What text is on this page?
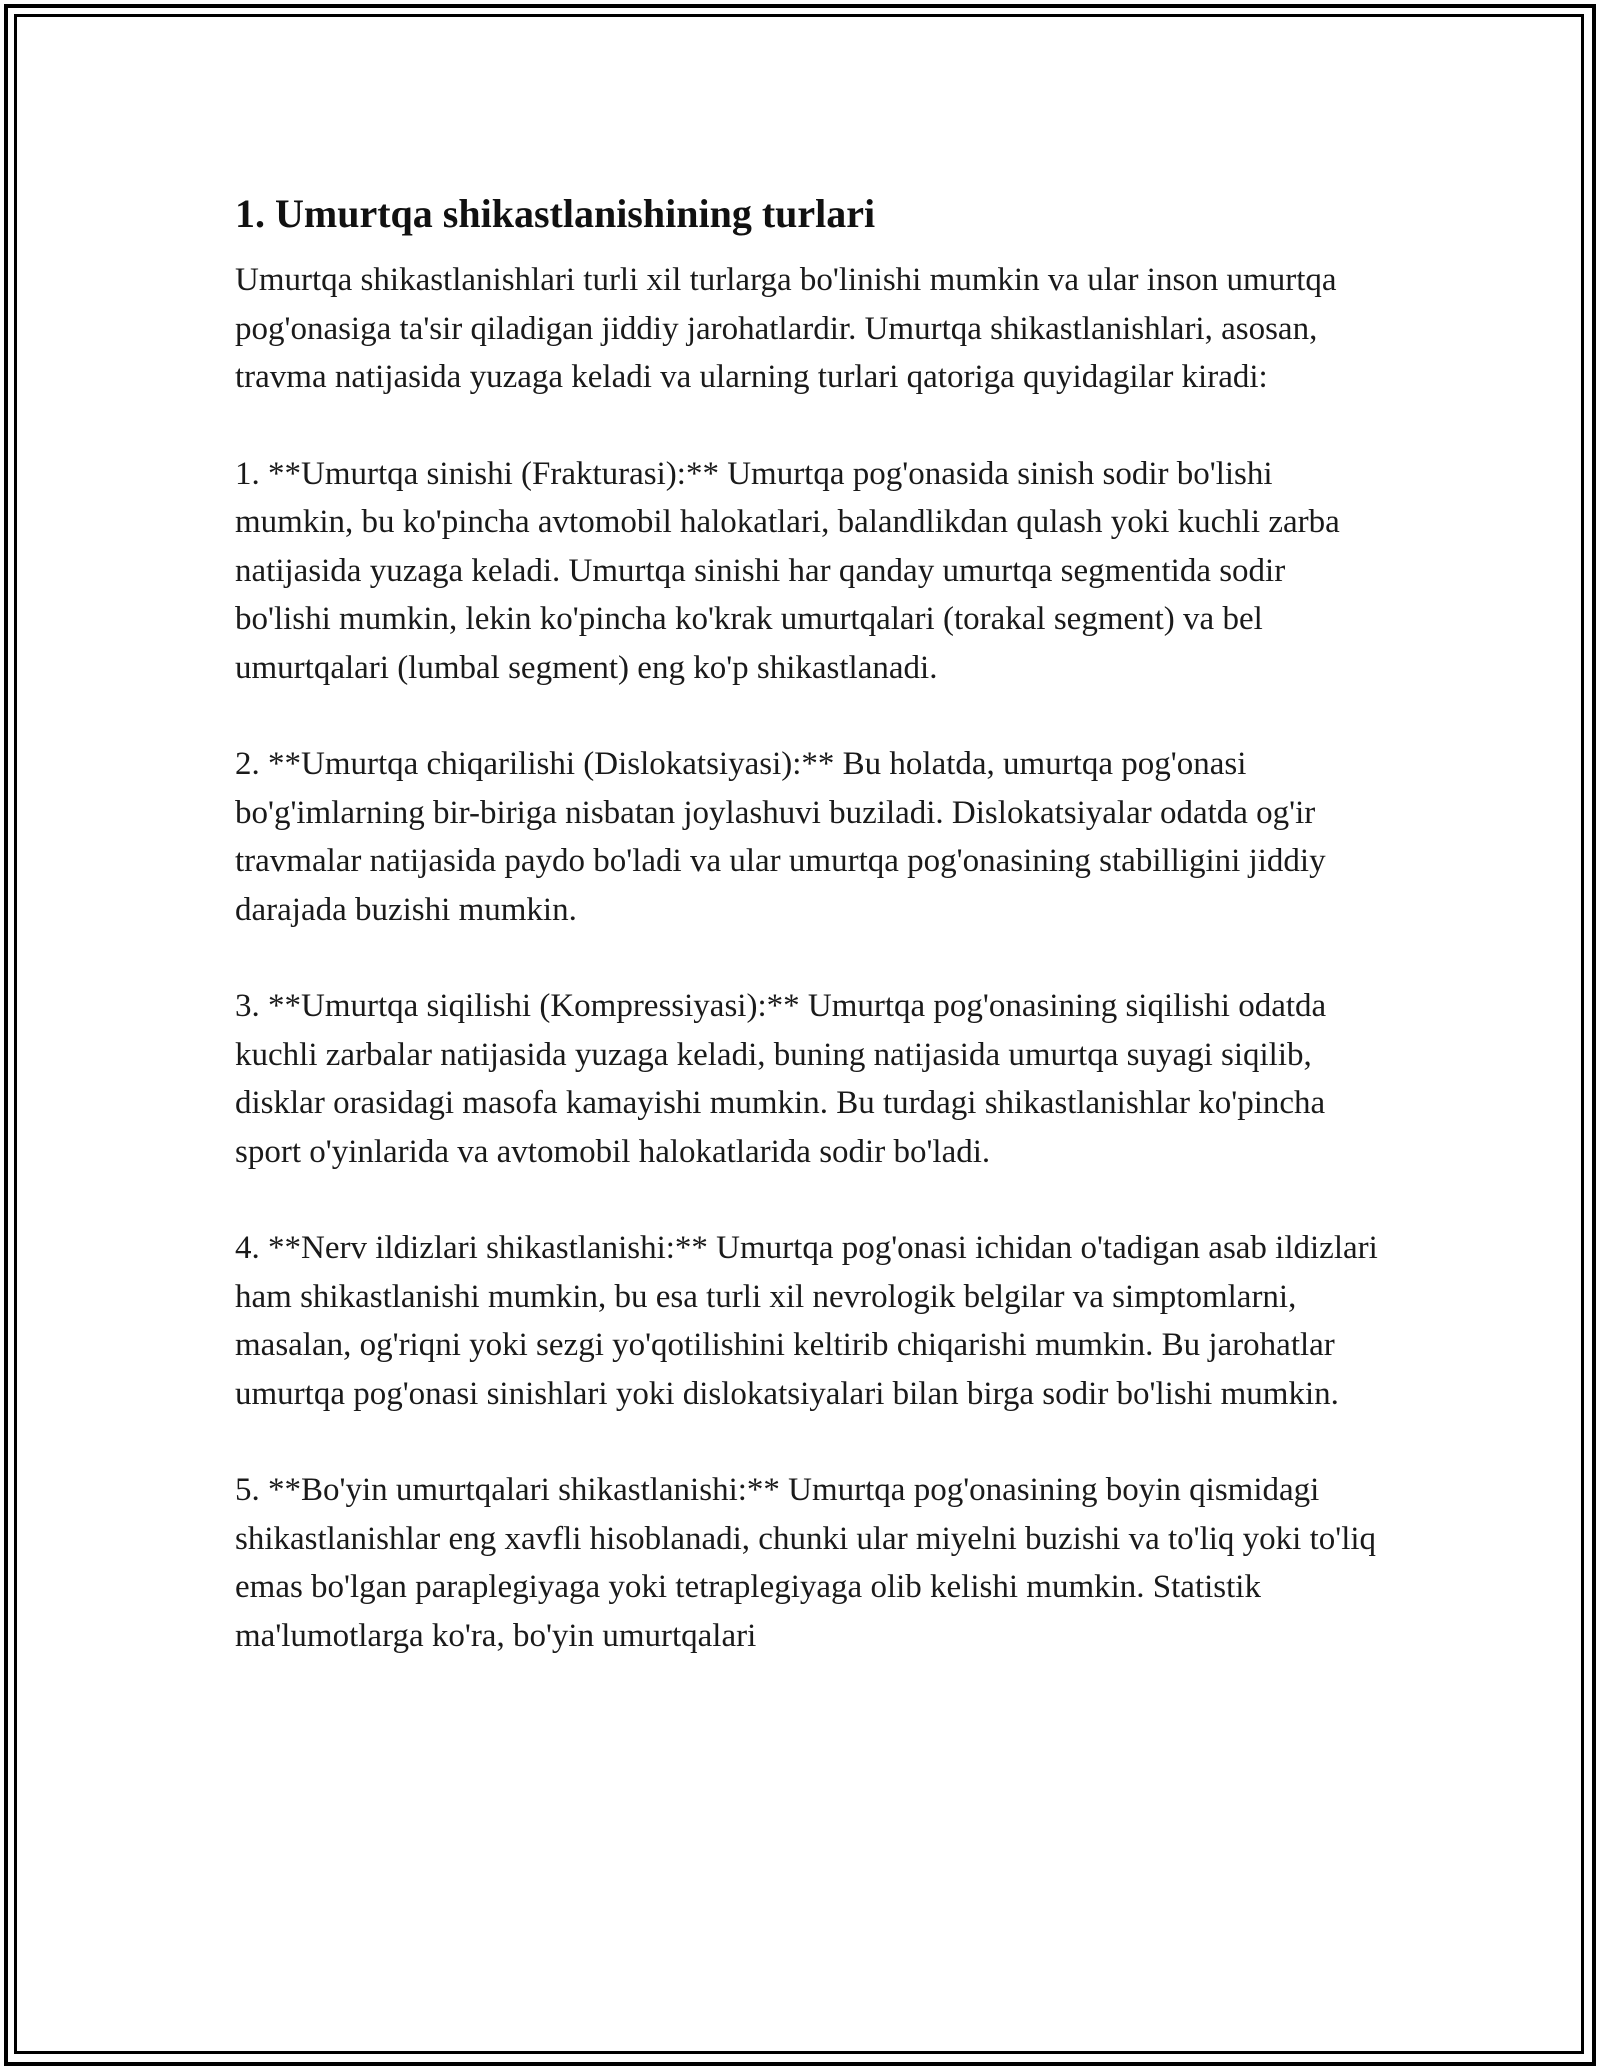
1. Umurtqa shikastlanishining turlari

Umurtqa shikastlanishlari turli xil turlarga bo'linishi mumkin va ular inson umurtqa pog'onasiga ta'sir qiladigan jiddiy jarohatlardir. Umurtqa shikastlanishlari, asosan, travma natijasida yuzaga keladi va ularning turlari qatoriga quyidagilar kiradi:

1. **Umurtqa sinishi (Frakturasi):** Umurtqa pog'onasida sinish sodir bo'lishi mumkin, bu ko'pincha avtomobil halokatlari, balandlikdan qulash yoki kuchli zarba natijasida yuzaga keladi. Umurtqa sinishi har qanday umurtqa segmentida sodir bo'lishi mumkin, lekin ko'pincha ko'krak umurtqalari (torakal segment) va bel umurtqalari (lumbal segment) eng ko'p shikastlanadi.

2. **Umurtqa chiqarilishi (Dislokatsiyasi):** Bu holatda, umurtqa pog'onasi bo'g'imlarning bir-biriga nisbatan joylashuvi buziladi. Dislokatsiyalar odatda og'ir travmalar natijasida paydo bo'ladi va ular umurtqa pog'onasining stabilligini jiddiy darajada buzishi mumkin.

3. **Umurtqa siqilishi (Kompressiyasi):** Umurtqa pog'onasining siqilishi odatda kuchli zarbalar natijasida yuzaga keladi, buning natijasida umurtqa suyagi siqilib, disklar orasidagi masofa kamayishi mumkin. Bu turdagi shikastlanishlar ko'pincha sport o'yinlarida va avtomobil halokatlarida sodir bo'ladi.

4. **Nerv ildizlari shikastlanishi:** Umurtqa pog'onasi ichidan o'tadigan asab ildizlari ham shikastlanishi mumkin, bu esa turli xil nevrologik belgilar va simptomlarni, masalan, og'riqni yoki sezgi yo'qotilishini keltirib chiqarishi mumkin. Bu jarohatlar umurtqa pog'onasi sinishlari yoki dislokatsiyalari bilan birga sodir bo'lishi mumkin.

5. **Bo'yin umurtqalari shikastlanishi:** Umurtqa pog'onasining boyin qismidagi shikastlanishlar eng xavfli hisoblanadi, chunki ular miyelni buzishi va to'liq yoki to'liq emas bo'lgan paraplegiyaga yoki tetraplegiyaga olib kelishi mumkin. Statistik ma'lumotlarga ko'ra, bo'yin umurtqalari
